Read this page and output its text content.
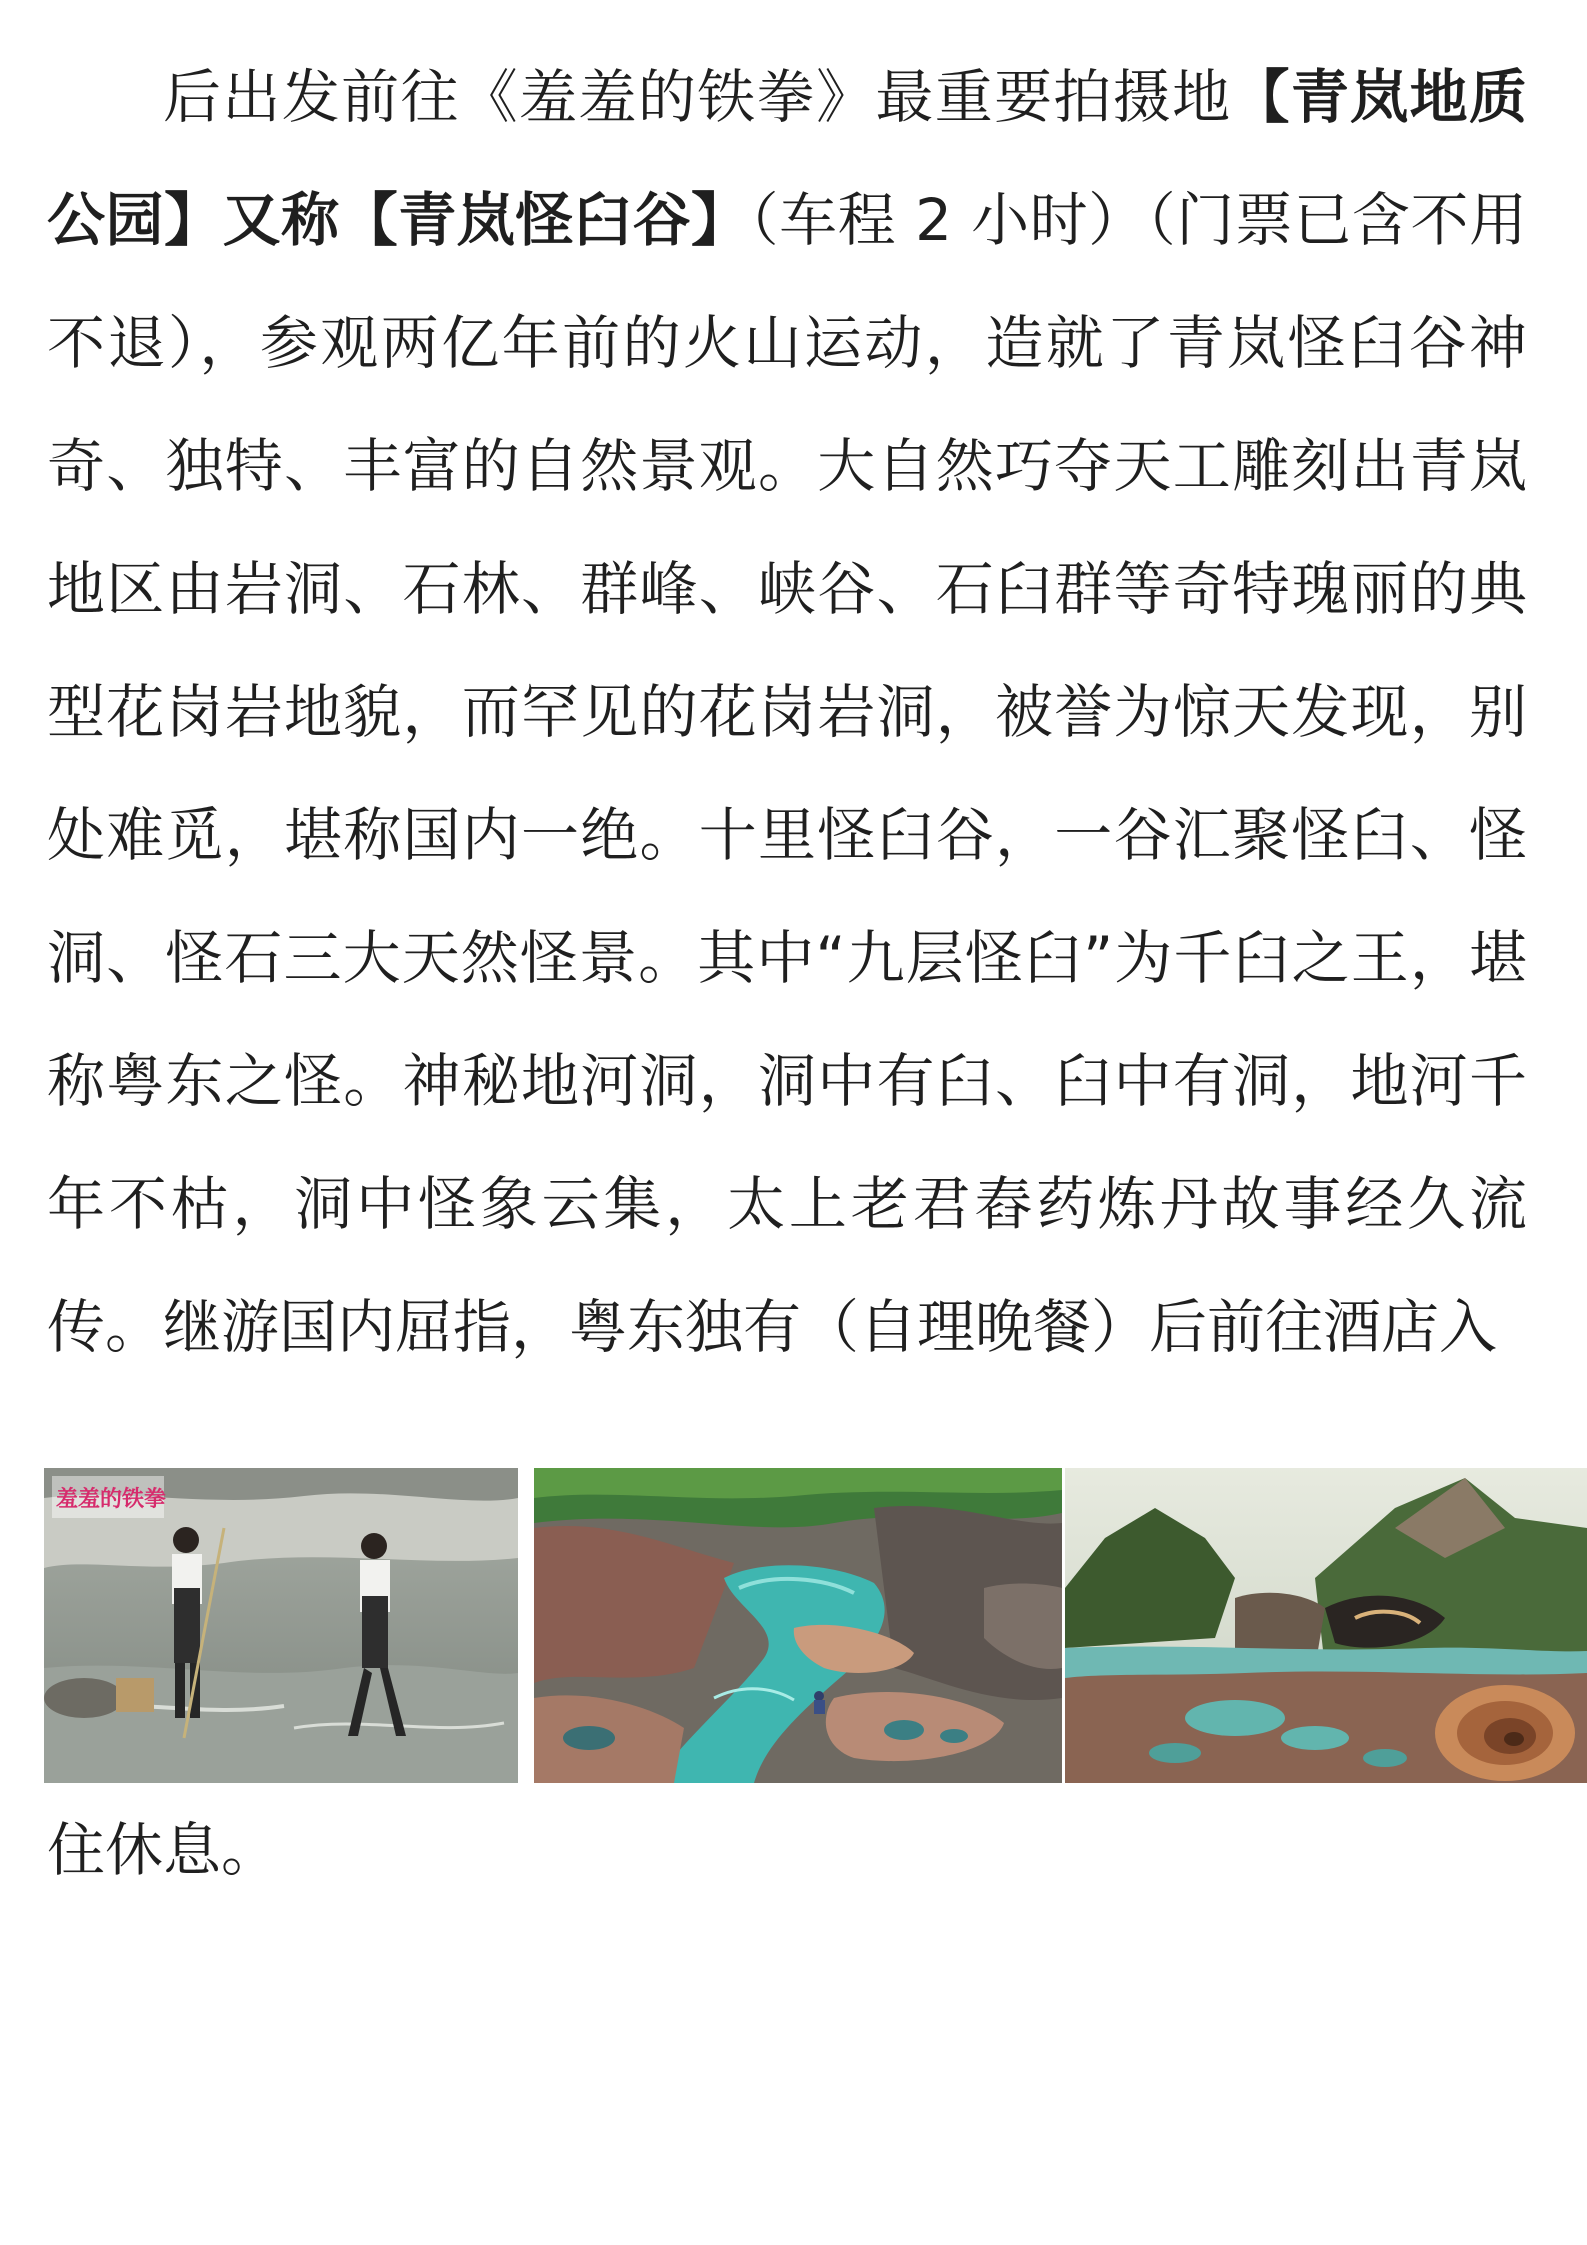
后出发前往《羞羞的铁拳》最重要拍摄地【青岚地质公园】又称【青岚怪臼谷】（车程 2 小时）（门票已含不用不退），参观两亿年前的火山运动，造就了青岚怪臼谷神奇、独特、丰富的自然景观。大自然巧夺天工雕刻出青岚地区由岩洞、石林、群峰、峡谷、石臼群等奇特瑰丽的典型花岗岩地貌，而罕见的花岗岩洞，被誉为惊天发现，别处难觅，堪称国内一绝。十里怪臼谷，一谷汇聚怪臼、怪洞、怪石三大天然怪景。其中“九层怪臼”为千臼之王，堪称粤东之怪。神秘地河洞，洞中有臼、臼中有洞，地河千年不枯，洞中怪象云集，太上老君舂药炼丹故事经久流传。继游国内屈指，粤东独有（自理晚餐）后前往酒店入

羞羞的铁拳

住休息。
